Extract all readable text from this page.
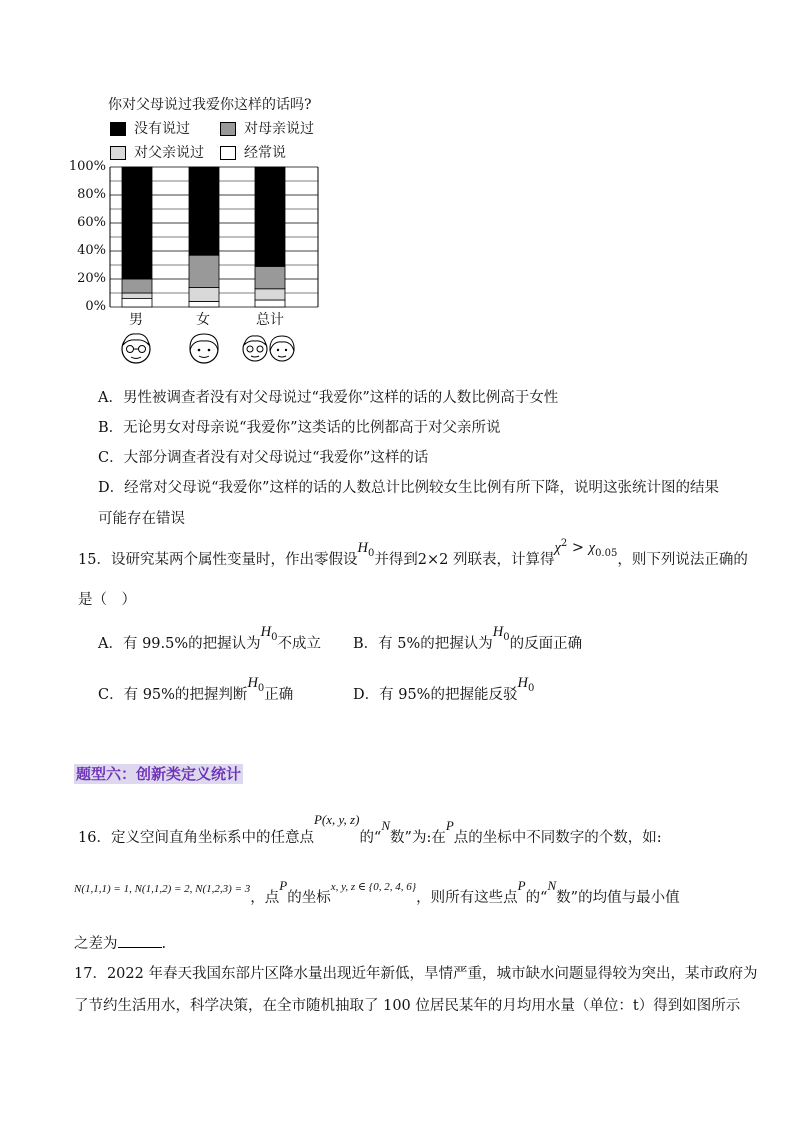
你对父母说过我爱你这样的话吗?
没有说过	对母亲说过
对父亲说过	经常说
100%
80%
60%
40%
20%
0%
男	女	总计
A．男性被调查者没有对父母说过“我爱你”这样的话的人数比例高于女性
B．无论男女对母亲说“我爱你”这类话的比例都高于对父亲所说
C．大部分调查者没有对父母说过“我爱你”这样的话
D．经常对父母说“我爱你”这样的话的人数总计比例较女生比例有所下降，说明这张统计图的结果
可能存在错误
15．设研究某两个属性变量时，作出零假设$H_0$并得到2×2 列联表，计算得$\chi^2 > \chi_{0.05}$，则下列说法正确的
是（　）
A．有 99.5%的把握认为$H_0$不成立 B．有 5%的把握认为$H_0$的反面正确
C．有 95%的把握判断$H_0$正确	D．有 95%的把握能反驳$H_0$
题型六：创新类定义统计
16．定义空间直角坐标系中的任意点P(x, y, z)的“N数”为:在P点的坐标中不同数字的个数，如:
$^{N(1,1,1) = 1, N(1,1,2) = 2, N(1,2,3) = 3}$，点P的坐标$^{x, y, z \in \{0, 2, 4, 6\}}$，则所有这些点P的“N数”的均值与最小值
之差为	.
17．2022 年春天我国东部片区降水量出现近年新低，旱情严重，城市缺水问题显得较为突出，某市政府为
了节约生活用水，科学决策，在全市随机抽取了 100 位居民某年的月均用水量（单位：t）得到如图所示
